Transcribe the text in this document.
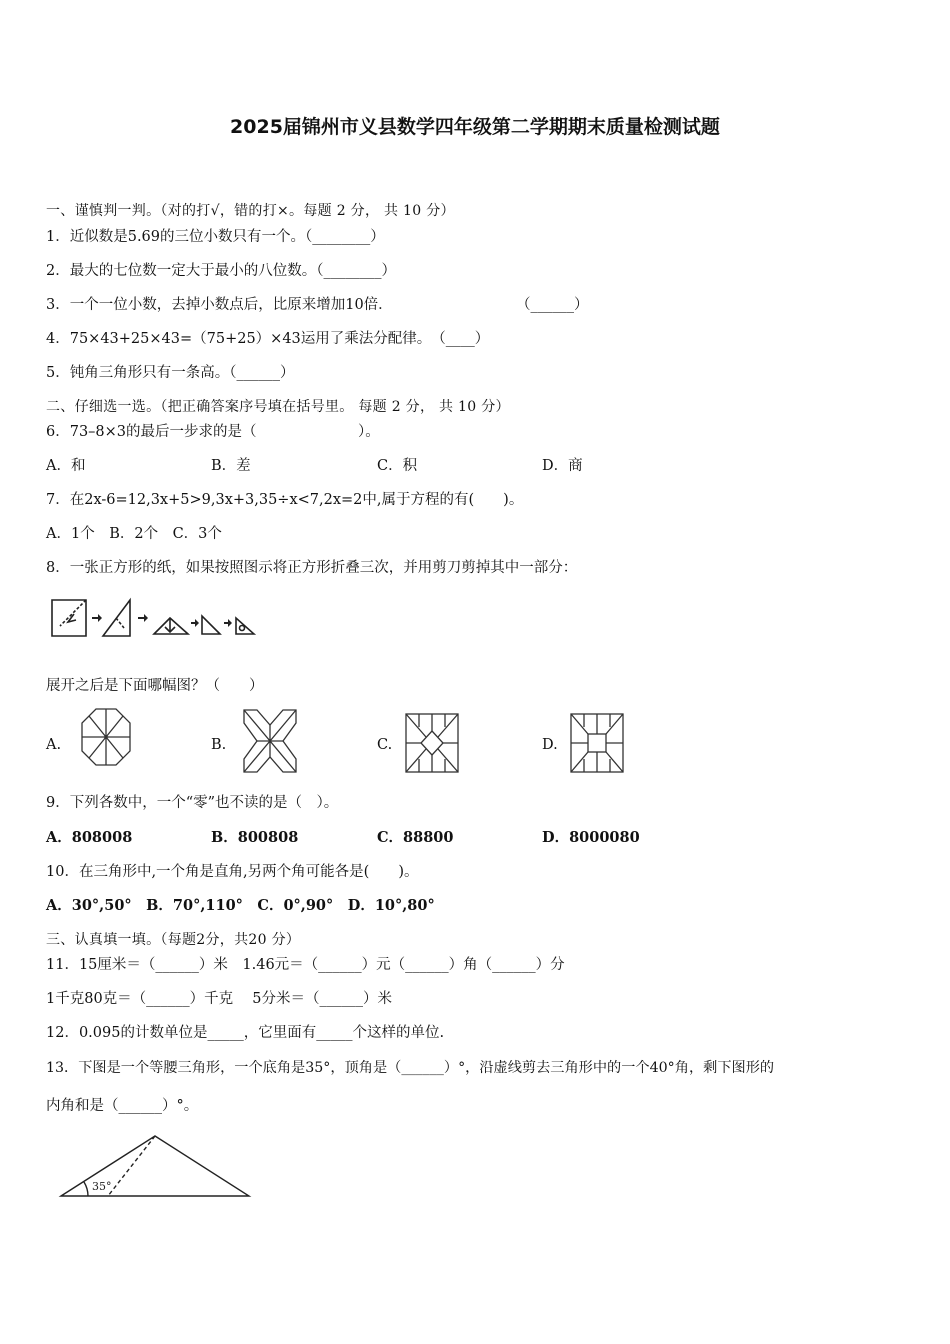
2025届锦州市义县数学四年级第二学期期末质量检测试题
一、谨慎判一判。（对的打√，错的打×。每题 2 分， 共 10 分）
1．近似数是5.69的三位小数只有一个。（________）
2．最大的七位数一定大于最小的八位数。（________）
3．一个一位小数，去掉小数点后，比原来增加10倍．	（______）
4．75×43+25×43=（75+25）×43运用了乘法分配律。　（____）
5．钝角三角形只有一条高。（______）
二、仔细选一选。（把正确答案序号填在括号里。 每题 2 分， 共 10 分）
6．73–8×3的最后一步求的是（　　　　　　　）。
A．和	B．差	C．积	D．商
7．在2x-6=12,3x+5>9,3x+3,35÷x<7,2x=2中,属于方程的有(　　)。
A．1个　B．2个　C．3个
8．一张正方形的纸，如果按照图示将正方形折叠三次，并用剪刀剪掉其中一部分：
展开之后是下面哪幅图？（　　）
A.	B.	C.	D.
9．下列各数中，一个“零”也不读的是（　）。
A．808008	B．800808	C．88800	D．8000080
10．在三角形中,一个角是直角,另两个角可能各是(　　)。
A．30°,50°　B．70°,110°　C．0°,90°　D．10°,80°
三、认真填一填。（每题2分，共20 分）
11．15厘米＝（______）米　1.46元＝（______）元（______）角（______）分
1千克80克＝（______）千克　 5分米＝（______）米
12．0.095的计数单位是_____，它里面有_____个这样的单位.
13．下图是一个等腰三角形，一个底角是35°，顶角是（______）°，沿虚线剪去三角形中的一个40°角，剩下图形的
内角和是（______）°。
35°
